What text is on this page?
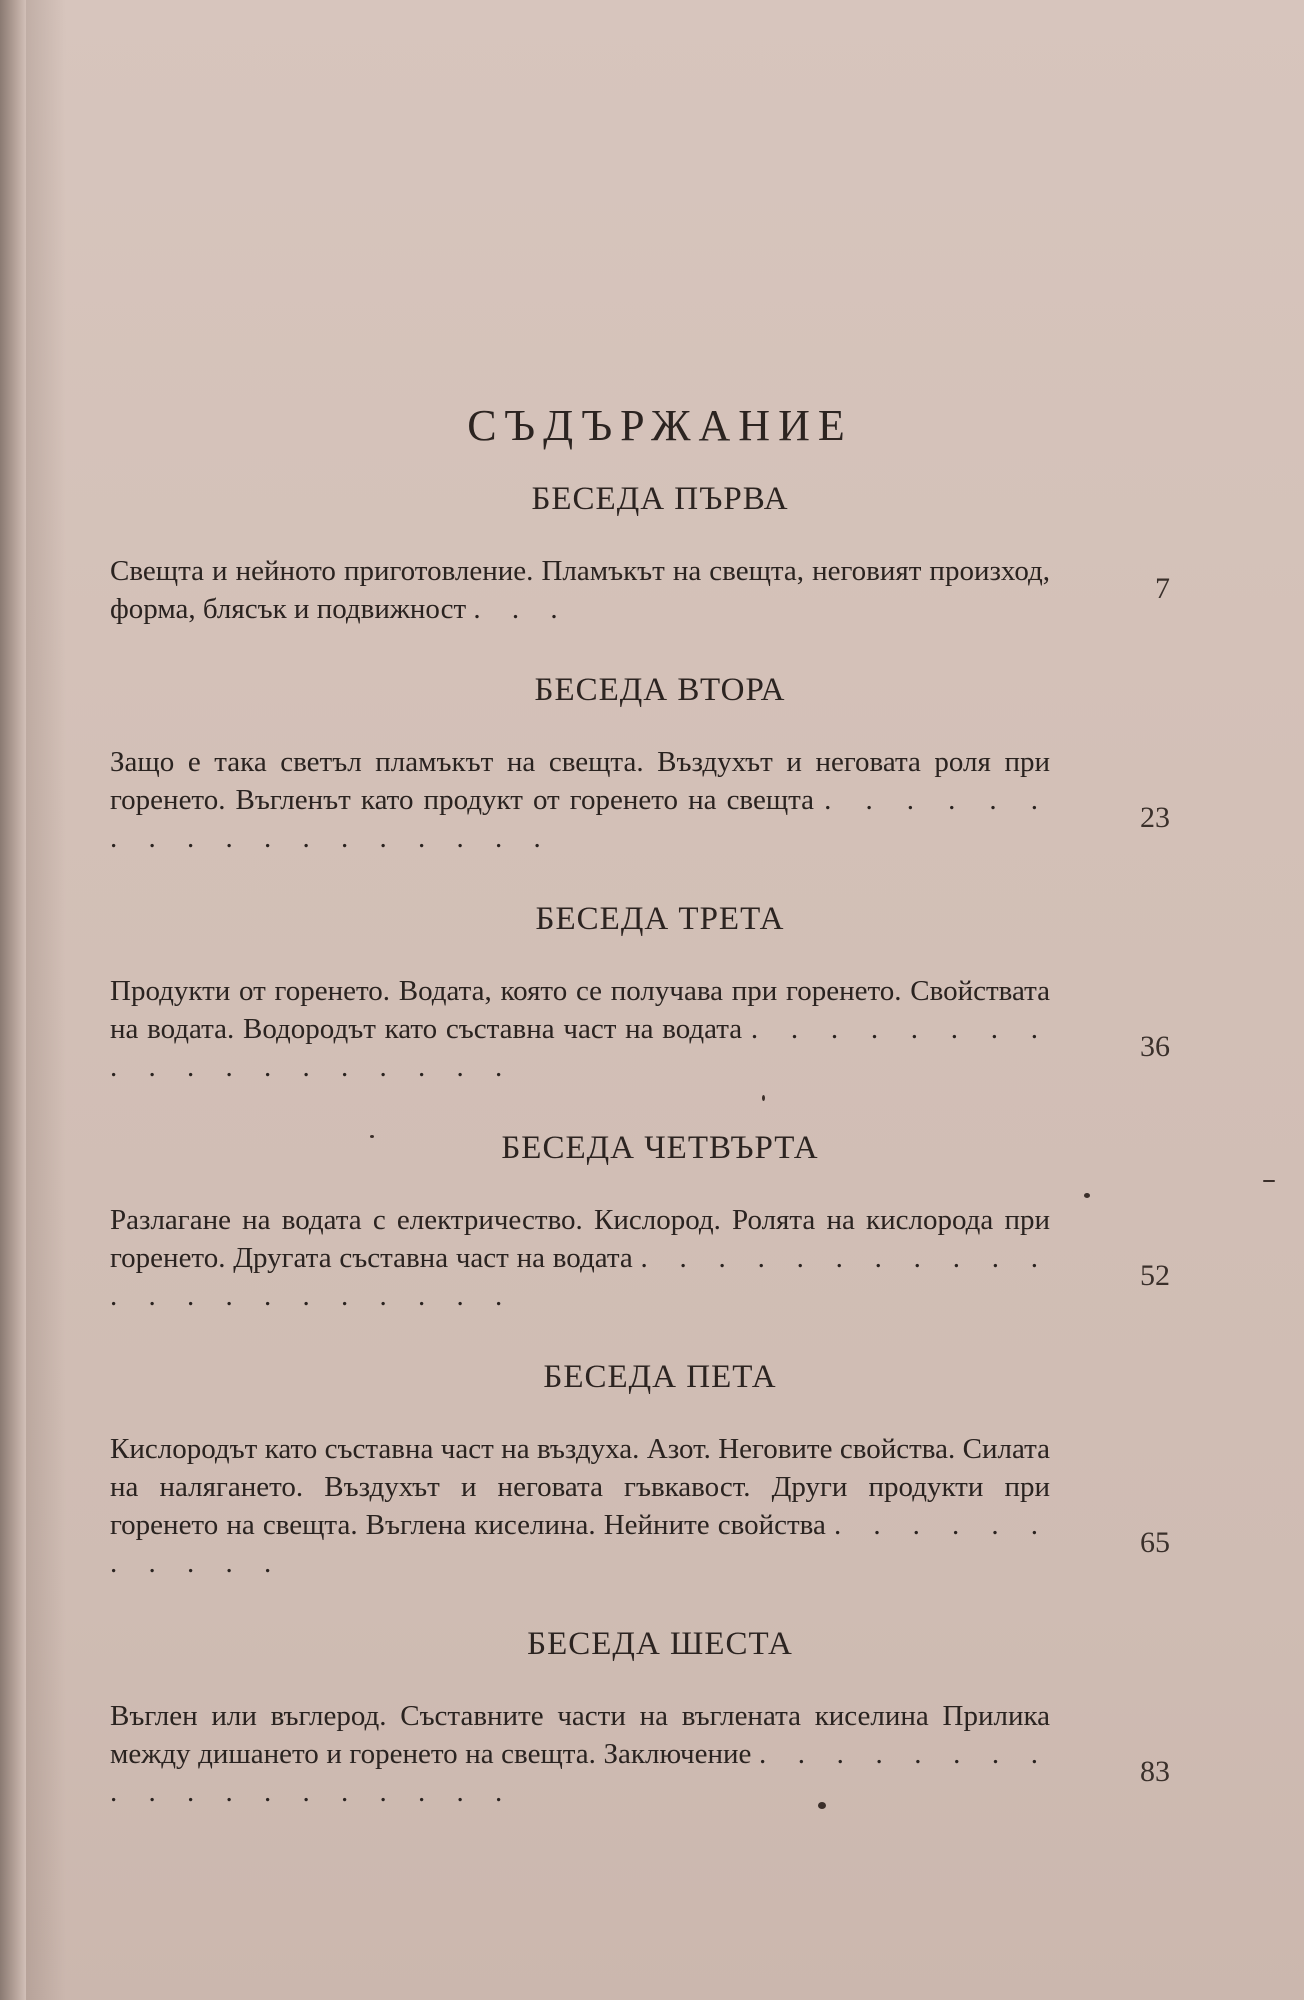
СЪДЪРЖАНИЕ
БЕСЕДА ПЪРВА
Свещта и нейното приготовление. Пламъкът на свещта, неговият произход, форма, блясък и подвижност . . .
7
БЕСЕДА ВТОРА
Защо е така светъл пламъкът на свещта. Въздухът и неговата роля при горенето. Въгленът като продукт от горенето на свещта . . . . . . . . . . . . . . . . . .
23
БЕСЕДА ТРЕТА
Продукти от горенето. Водата, която се получава при горенето. Свойствата на водата. Водородът като съставна част на водата . . . . . . . . . . . . . . . . . . .
36
БЕСЕДА ЧЕТВЪРТА
Разлагане на водата с електричество. Кислород. Ролята на кислорода при горенето. Другата съставна част на водата . . . . . . . . . . . . . . . . . . . . . .
52
БЕСЕДА ПЕТА
Кислородът като съставна част на въздуха. Азот. Неговите свойства. Силата на налягането. Въздухът и неговата гъвкавост. Други продукти при горенето на свещта. Въглена киселина. Нейните свойства . . . . . . . . . . .
65
БЕСЕДА ШЕСТА
Въглен или въглерод. Съставните части на въглената киселина Прилика между дишането и горенето на свещта. Заключение . . . . . . . . . . . . . . . . . . .
83
